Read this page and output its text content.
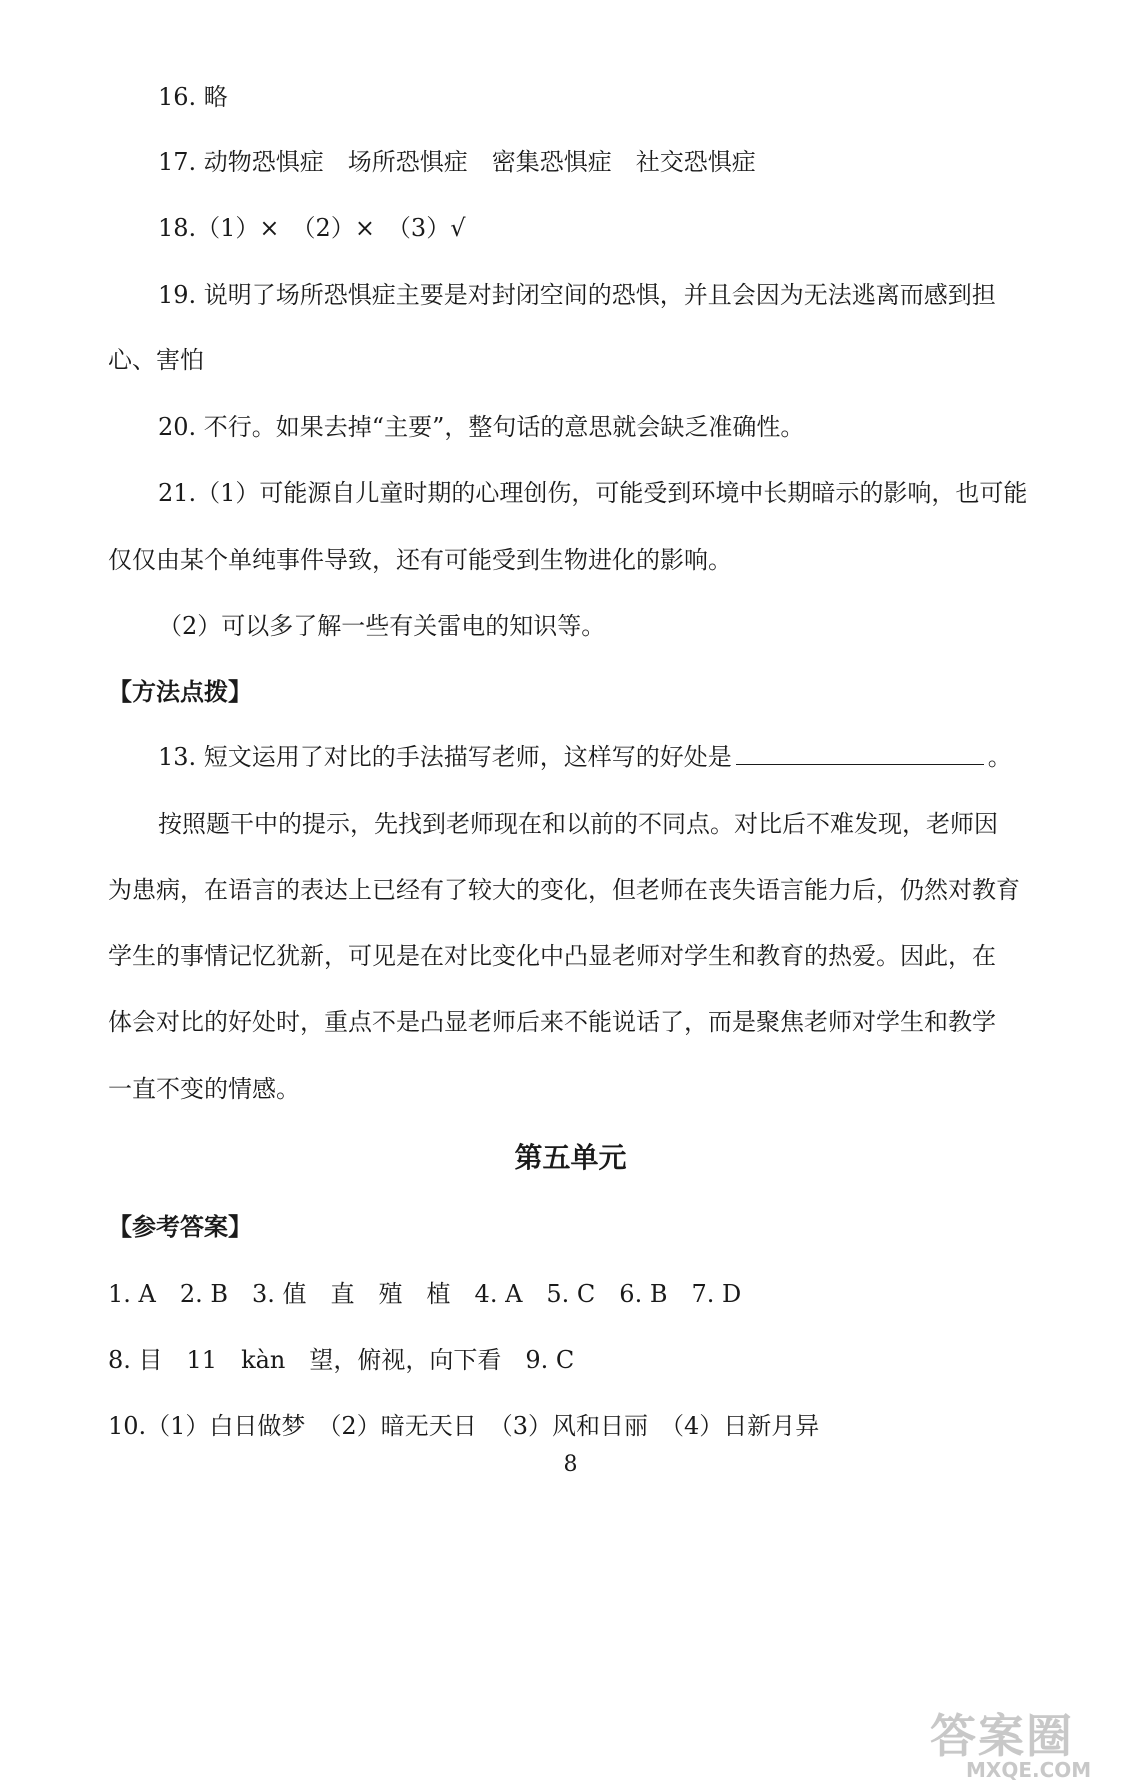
16. 略
17. 动物恐惧症　场所恐惧症　密集恐惧症　社交恐惧症
18.（1）×　（2）×　（3）√
19. 说明了场所恐惧症主要是对封闭空间的恐惧，并且会因为无法逃离而感到担
心、害怕
20. 不行。如果去掉“主要”，整句话的意思就会缺乏准确性。
21.（1）可能源自儿童时期的心理创伤，可能受到环境中长期暗示的影响，也可能
仅仅由某个单纯事件导致，还有可能受到生物进化的影响。
（2）可以多了解一些有关雷电的知识等。
【方法点拨】
13. 短文运用了对比的手法描写老师，这样写的好处是	。
按照题干中的提示，先找到老师现在和以前的不同点。对比后不难发现，老师因
为患病，在语言的表达上已经有了较大的变化，但老师在丧失语言能力后，仍然对教育
学生的事情记忆犹新，可见是在对比变化中凸显老师对学生和教育的热爱。因此，在
体会对比的好处时，重点不是凸显老师后来不能说话了，而是聚焦老师对学生和教学
一直不变的情感。
第五单元
【参考答案】
1. A　2. B　3. 值　直　殖　植　4. A　5. C　6. B　7. D
8. 目　11　kàn　望，俯视，向下看　9. C
10.（1）白日做梦　（2）暗无天日　（3）风和日丽　（4）日新月异
8
答案圈
MXQE.COM
